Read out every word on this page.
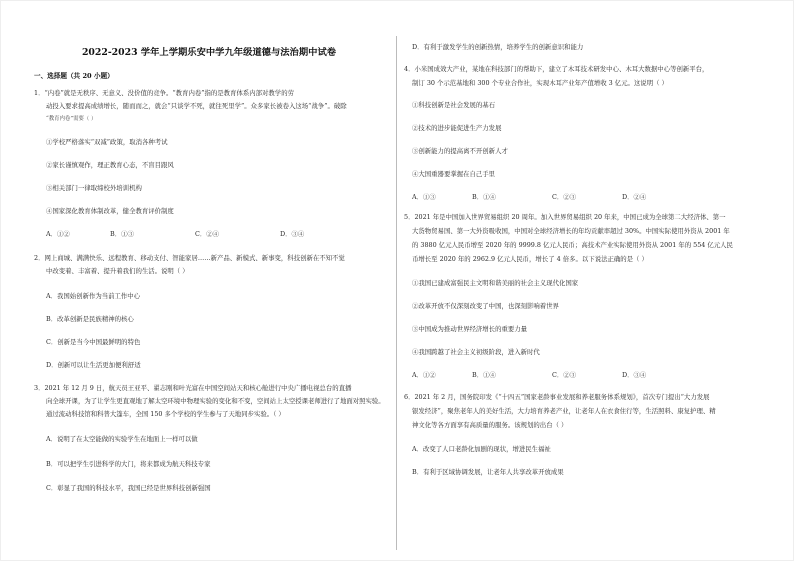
2022-2023 学年上学期乐安中学九年级道德与法治期中试卷
一、选择题（共 20 小题）
1．“内卷”就是无秩序、无意义、没价值的竞争。“教育内卷”指的是教育体系内部对教学的劳
动投入要求提高成绩增长，随而而之，就会“只谈学不死，就往死里学”。众多家长被卷入这场“战争”。破除
“教育内卷”需要（ ）
①学校严格落实“双减”政策，取消各种考试
②家长谨慎观作，理正教育心态，不盲目跟风
③相关部门一律取缔校外培训机构
④国家深化教育体制改革，健全教育评价制度
A．①②	B．①③	C．②④	D．③④
2．网上商城、满满快乐、远程教育、移动支付、智能家居……新产品、新模式、新事变，科技创新在不知不觉
中改变着、丰富着、提升着我们的生活。说明（ ）
A．我国始创新作为当前工作中心
B．改革创新是民族精神的核心
C．创新是当今中国最鲜明的特色
D．创新可以让生活更加便利舒适
3．2021 年 12 月 9 日，航天员王亚平、翟志刚和叶光富在中国空间站天和核心舱进行中央广播电视总台的直播
向全球开课，为了让学生更直观地了解太空环境中物理实验的变化和不变，空间站上太空授课老师进行了地面对照实验。
通过流动科技馆和科普大篷车，全国 150 多个学校的学生参与了天地同步实验。（ ）
A．说明了在太空能做的实验学生在地面上一样可以做
B．可以把学生引进科学的大门，将来都成为航天科技专家
C．彰显了我国的科技水平，我国已经是世界科技创新强国
D．有利于激发学生的创新热情，培养学生的创新意识和能力
4．小米国成效大产业，某地在科技部门的帮助下，建立了木耳技术研发中心、木耳大数据中心等创新平台，
制订 30 个示范基地和 300 个专业合作社，实现木耳产业年产值增收 3 亿元。这说明（ ）
①科技创新是社会发展的基石
②技术的进步能促进生产力发展
③创新能力的提高离不开创新人才
④大国重器要掌握在自己手里
A．①③	B．①④	C．②③	D．②④
5．2021 年是中国加入世界贸易组织 20 周年。加入世界贸易组织 20 年来，中国已成为全球第二大经济体、第一
大货物贸易国、第一大外资吸收国，中国对全球经济增长的年均贡献率超过 30%。中国实际使用外资从 2001 年
的 3880 亿元人民币增至 2020 年的 9999.8 亿元人民币；高技术产业实际使用外资从 2001 年的 554 亿元人民
币增长至 2020 年的 2962.9 亿元人民币，增长了 4 倍多。以下说法正确的是（ ）
①我国已建成富强民主文明和谐美丽的社会主义现代化国家
②改革开放不仅深刻改变了中国，也深刻影响着世界
③中国成为推动世界经济增长的重要力量
④我国跨越了社会主义初级阶段，进入新时代
A．①②	B．①④	C．②③	D．③④
6．2021 年 2 月，国务院印发《“十四五”国家老龄事业发展和养老服务体系规划》，首次专门提出“大力发展
银发经济”，聚焦老年人的美好生活，大力培育养老产业，让老年人在衣食住行等，生活照料、康复护理、精
神文化等各方面享有高质量的服务。该规划的出台（ ）
A．改变了人口老龄化加剧的现状，增进民生福祉
B．有利于区域协调发展，让老年人共享改革开放成果
